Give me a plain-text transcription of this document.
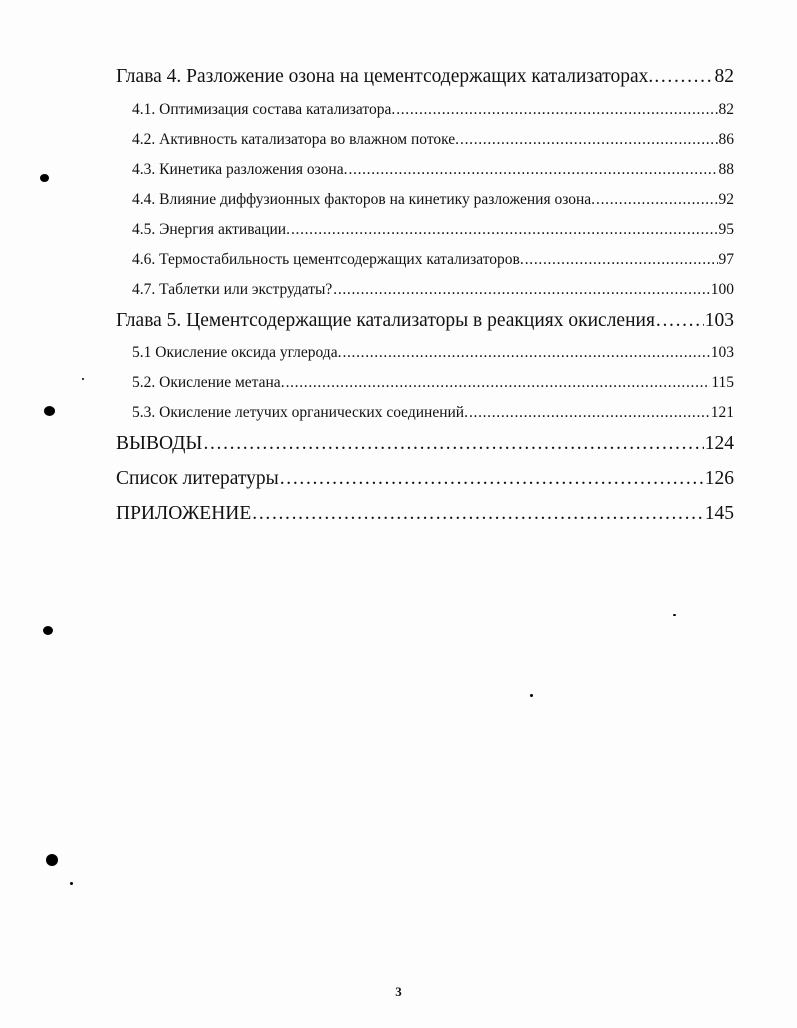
Глава 4. Разложение озона на цементсодержащих катализаторах. . . .	82
4.1. Оптимизация состава катализатора. . . .	82
4.2. Активность катализатора во влажном потоке. . . .	86
4.3. Кинетика разложения озона. . . .	88
4.4. Влияние диффузионных факторов на кинетику разложения озона. . . .	92
4.5. Энергия активации. . . .	95
4.6. Термостабильность цементсодержащих катализаторов. . . .	97
4.7. Таблетки или экструдаты? . . .	100
Глава 5. Цементсодержащие катализаторы в реакциях окисления . . .	103
5.1 Окисление оксида углерода. . . .	103
5.2. Окисление метана. . . .	115
5.3. Окисление летучих органических соединений. . . .	121
ВЫВОДЫ . . .	124
Список литературы . . .	126
ПРИЛОЖЕНИЕ . . .	145
3
